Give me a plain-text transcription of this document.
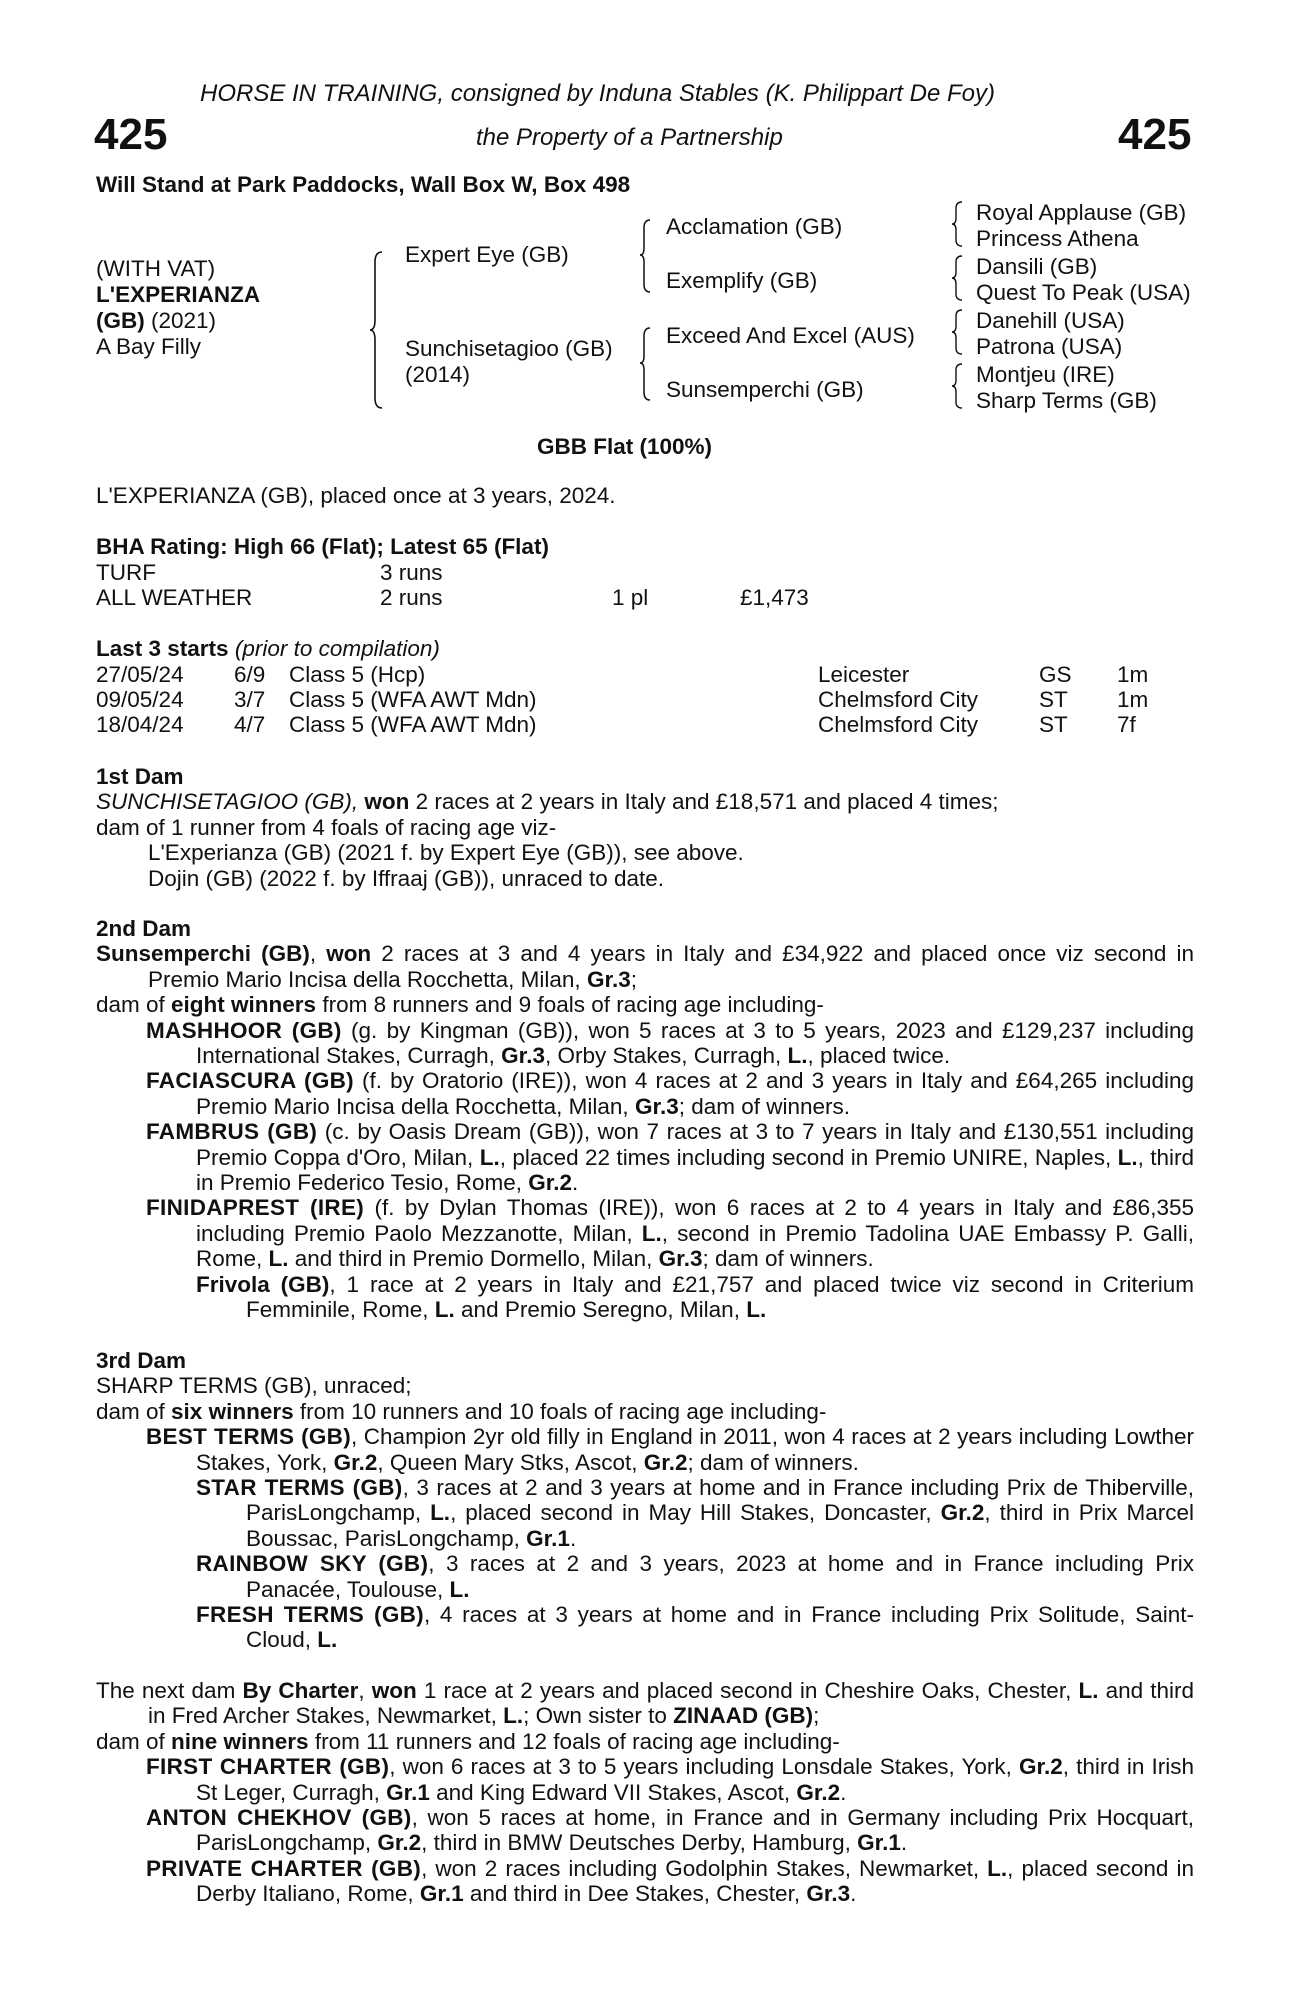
HORSE IN TRAINING, consigned by Induna Stables (K. Philippart De Foy)
425	the Property of a Partnership	425
Will Stand at Park Paddocks, Wall Box W, Box 498
(WITH VAT)
L'EXPERIANZA
(GB) (2021)
A Bay Filly
Expert Eye (GB)
Sunchisetagioo (GB)
(2014)
Acclamation (GB)
Exemplify (GB)
Exceed And Excel (AUS)
Sunsemperchi (GB)
Royal Applause (GB)
Princess Athena
Dansili (GB)
Quest To Peak (USA)
Danehill (USA)
Patrona (USA)
Montjeu (IRE)
Sharp Terms (GB)
GBB Flat (100%)
L'EXPERIANZA (GB), placed once at 3 years, 2024.
BHA Rating: High 66 (Flat); Latest 65 (Flat)
TURF	3 runs
ALL WEATHER	2 runs	1 pl	£1,473
Last 3 starts (prior to compilation)
27/05/24 6/9 Class 5 (Hcp)	Leicester	GS 1m
09/05/24 3/7 Class 5 (WFA AWT Mdn)	Chelmsford City	ST 1m
18/04/24 4/7 Class 5 (WFA AWT Mdn)	Chelmsford City	ST 7f
1st Dam
SUNCHISETAGIOO (GB), won 2 races at 2 years in Italy and £18,571 and placed 4 times;
dam of 1 runner from 4 foals of racing age viz-
L'Experianza (GB) (2021 f. by Expert Eye (GB)), see above.
Dojin (GB) (2022 f. by Iffraaj (GB)), unraced to date.
2nd Dam
Sunsemperchi (GB), won 2 races at 3 and 4 years in Italy and £34,922 and placed once viz second in Premio Mario Incisa della Rocchetta, Milan, Gr.3;
dam of eight winners from 8 runners and 9 foals of racing age including-
MASHHOOR (GB) (g. by Kingman (GB)), won 5 races at 3 to 5 years, 2023 and £129,237 including International Stakes, Curragh, Gr.3, Orby Stakes, Curragh, L., placed twice.
FACIASCURA (GB) (f. by Oratorio (IRE)), won 4 races at 2 and 3 years in Italy and £64,265 including Premio Mario Incisa della Rocchetta, Milan, Gr.3; dam of winners.
FAMBRUS (GB) (c. by Oasis Dream (GB)), won 7 races at 3 to 7 years in Italy and £130,551 including Premio Coppa d'Oro, Milan, L., placed 22 times including second in Premio UNIRE, Naples, L., third in Premio Federico Tesio, Rome, Gr.2.
FINIDAPREST (IRE) (f. by Dylan Thomas (IRE)), won 6 races at 2 to 4 years in Italy and £86,355 including Premio Paolo Mezzanotte, Milan, L., second in Premio Tadolina UAE Embassy P. Galli, Rome, L. and third in Premio Dormello, Milan, Gr.3; dam of winners.
Frivola (GB), 1 race at 2 years in Italy and £21,757 and placed twice viz second in Criterium Femminile, Rome, L. and Premio Seregno, Milan, L.
3rd Dam
SHARP TERMS (GB), unraced;
dam of six winners from 10 runners and 10 foals of racing age including-
BEST TERMS (GB), Champion 2yr old filly in England in 2011, won 4 races at 2 years including Lowther Stakes, York, Gr.2, Queen Mary Stks, Ascot, Gr.2; dam of winners.
STAR TERMS (GB), 3 races at 2 and 3 years at home and in France including Prix de Thiberville, ParisLongchamp, L., placed second in May Hill Stakes, Doncaster, Gr.2, third in Prix Marcel Boussac, ParisLongchamp, Gr.1.
RAINBOW SKY (GB), 3 races at 2 and 3 years, 2023 at home and in France including Prix Panacée, Toulouse, L.
FRESH TERMS (GB), 4 races at 3 years at home and in France including Prix Solitude, Saint-Cloud, L.
The next dam By Charter, won 1 race at 2 years and placed second in Cheshire Oaks, Chester, L. and third in Fred Archer Stakes, Newmarket, L.; Own sister to ZINAAD (GB);
dam of nine winners from 11 runners and 12 foals of racing age including-
FIRST CHARTER (GB), won 6 races at 3 to 5 years including Lonsdale Stakes, York, Gr.2, third in Irish St Leger, Curragh, Gr.1 and King Edward VII Stakes, Ascot, Gr.2.
ANTON CHEKHOV (GB), won 5 races at home, in France and in Germany including Prix Hocquart, ParisLongchamp, Gr.2, third in BMW Deutsches Derby, Hamburg, Gr.1.
PRIVATE CHARTER (GB), won 2 races including Godolphin Stakes, Newmarket, L., placed second in Derby Italiano, Rome, Gr.1 and third in Dee Stakes, Chester, Gr.3.
